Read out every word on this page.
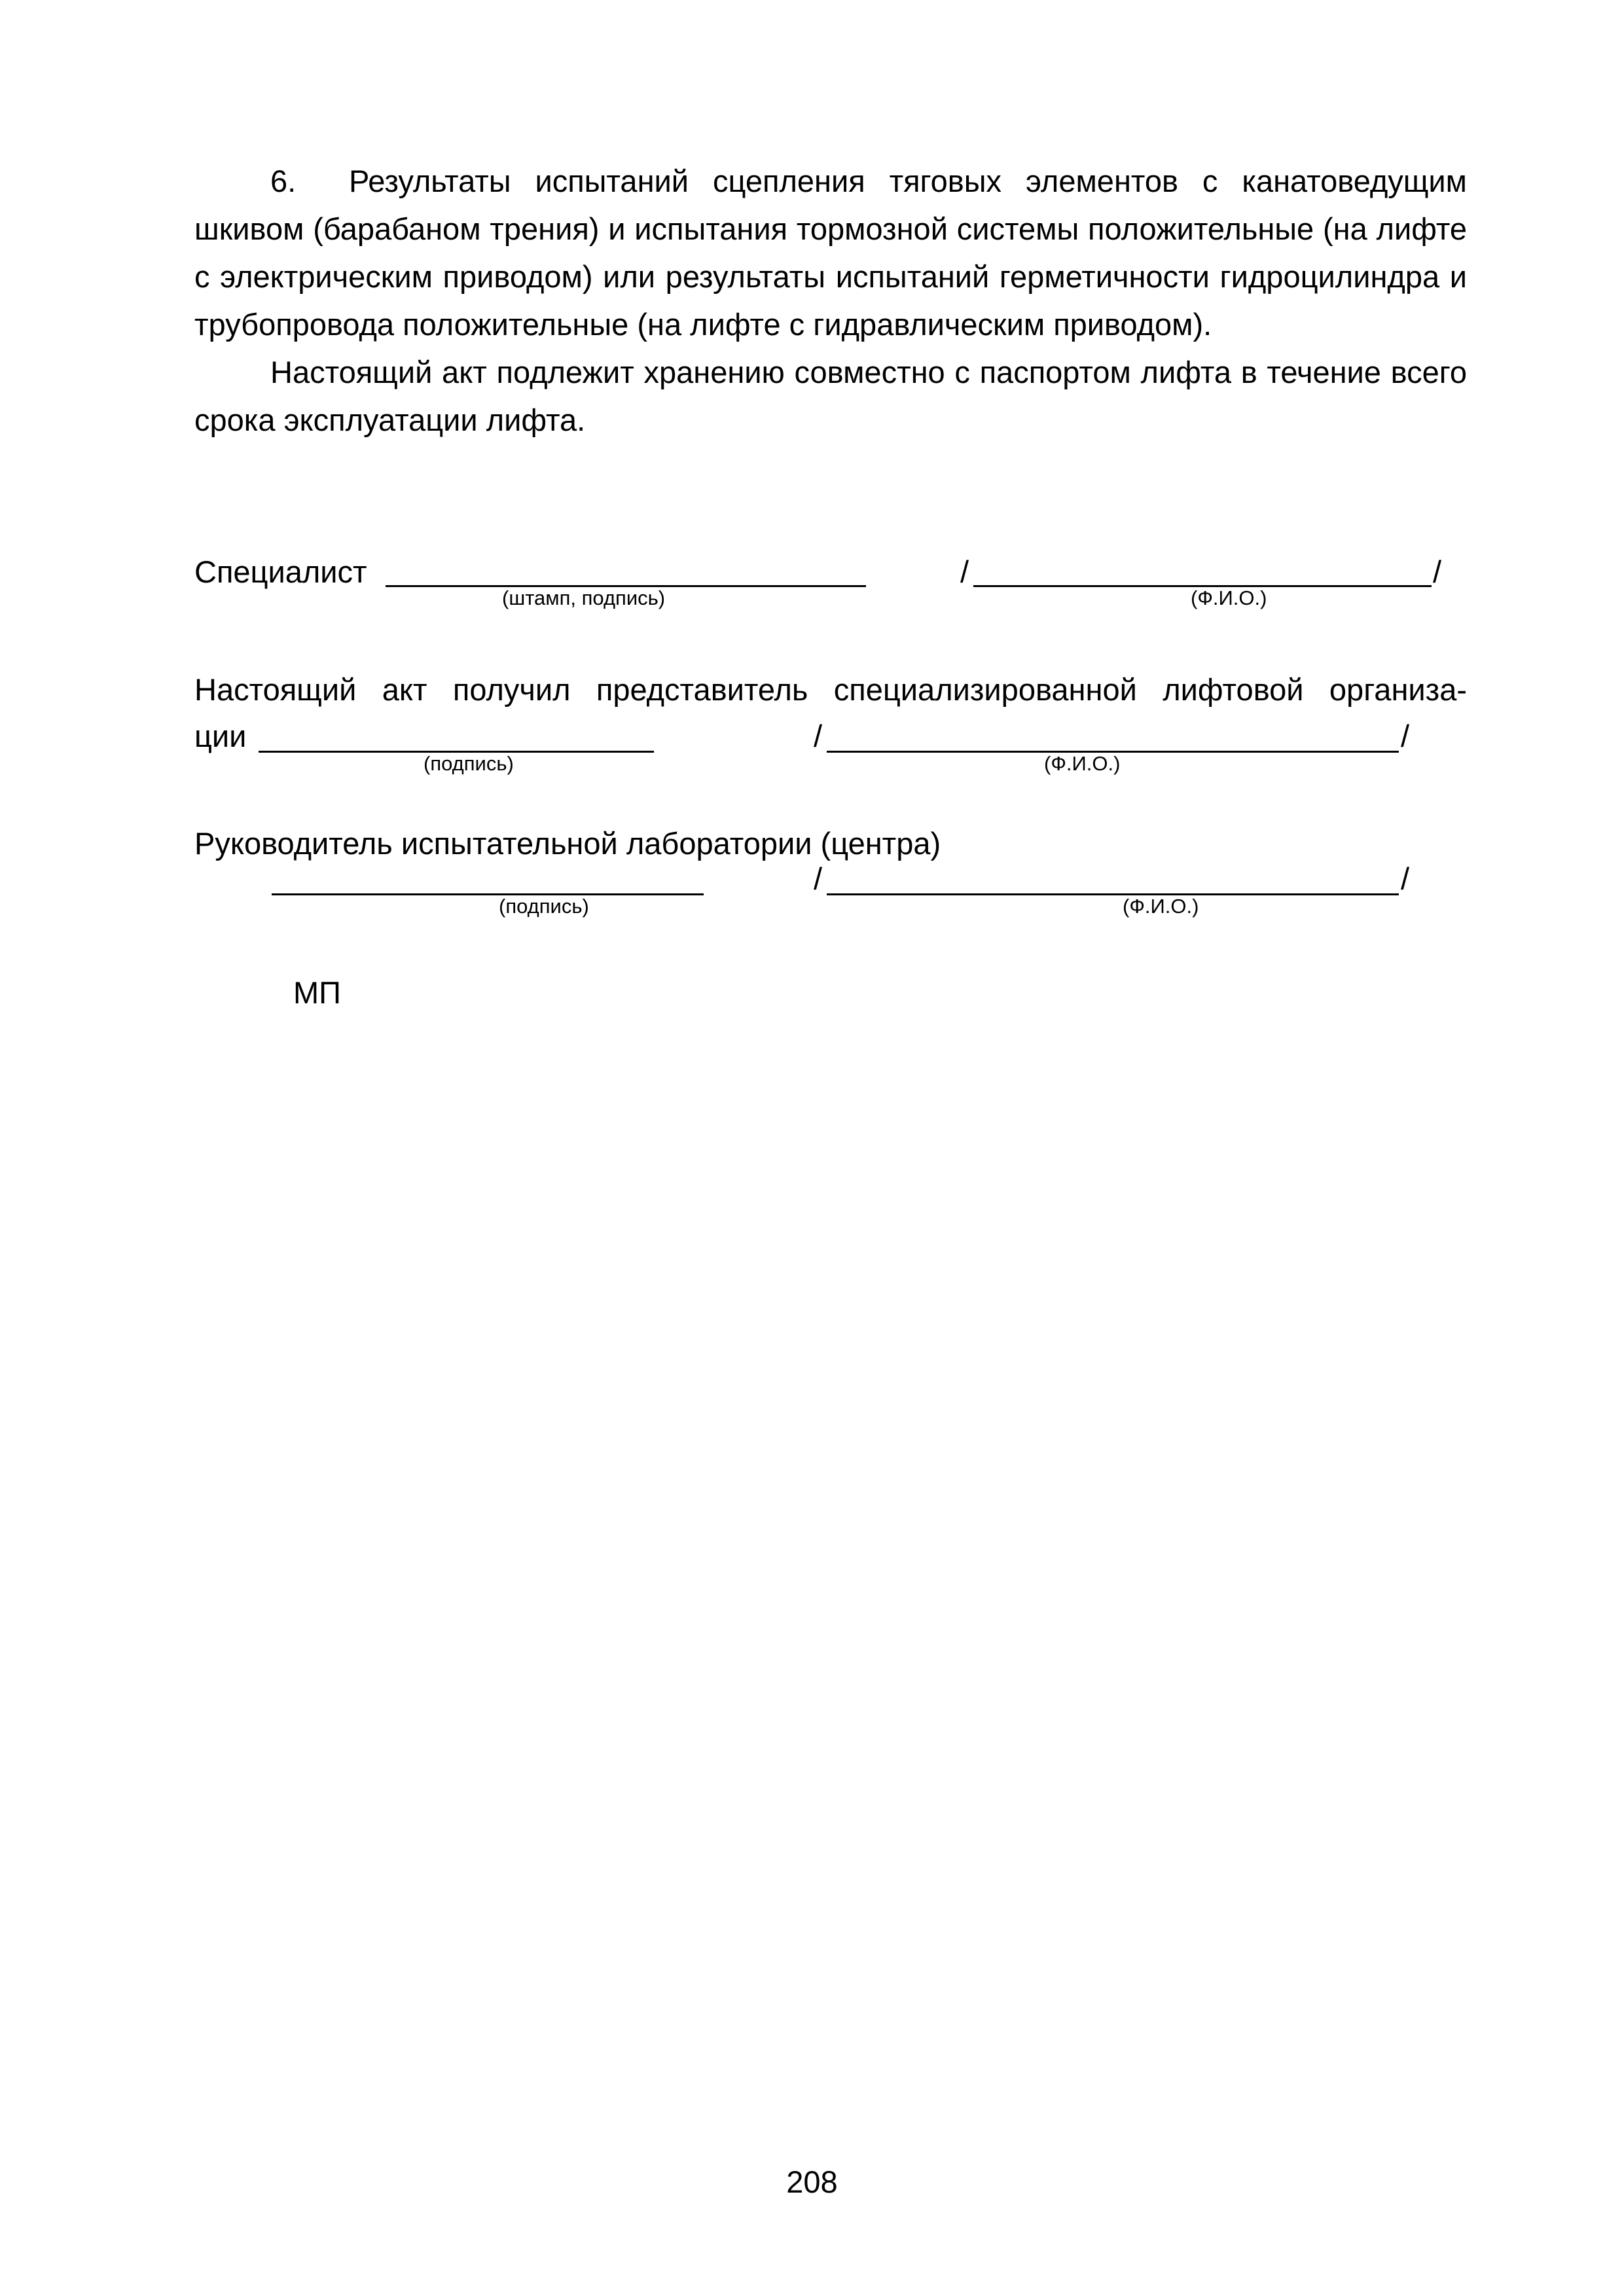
6. Результаты испытаний сцепления тяговых элементов с канатоведущим шкивом (барабаном трения) и испытания тормозной системы положительные (на лифте с электрическим приводом) или результаты испытаний герметичности гидроцилиндра и трубопровода положительные (на лифте с гидравлическим приводом).

Настоящий акт подлежит хранению совместно с паспортом лифта в течение всего срока эксплуатации лифта.

Специалист
(штамп, подпись)
/	/
(Ф.И.О.)
Настоящий акт получил представитель специализированной лифтовой организа-
ции
(подпись)
/	/
(Ф.И.О.)
Руководитель испытательной лаборатории (центра)
(подпись)
/	/
(Ф.И.О.)
МП
208
